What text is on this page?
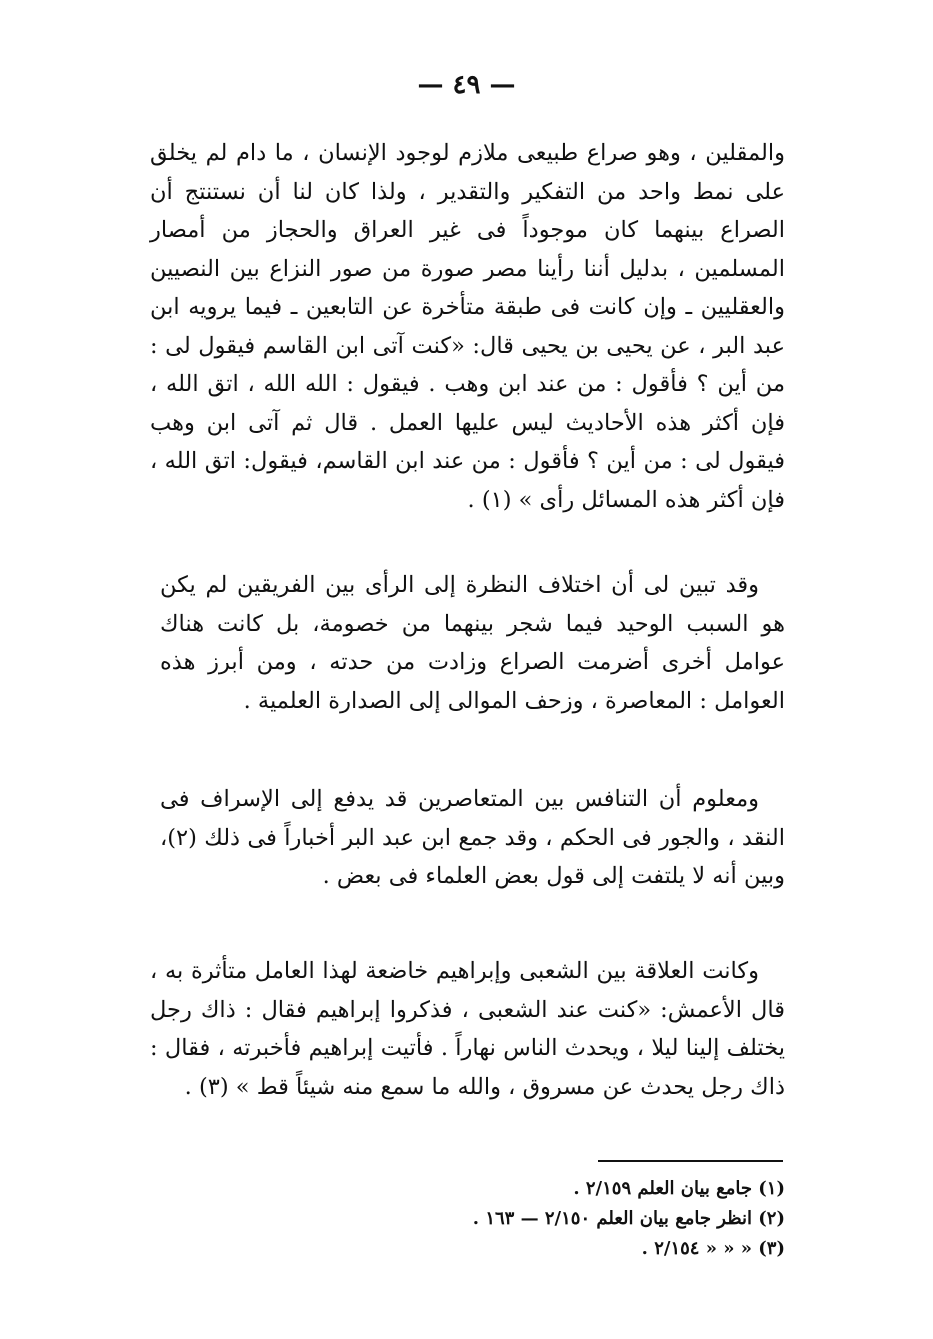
— ٤٩ —

والمقلين ، وهو صراع طبيعى ملازم لوجود الإنسان ، ما دام لم يخلق على نمط واحد من التفكير والتقدير ، ولذا كان لنا أن نستنتج أن الصراع بينهما كان موجوداً فى غير العراق والحجاز من أمصار المسلمين ، بدليل أننا رأينا مصر صورة من صور النزاع بين النصيين والعقليين ـ وإن كانت فى طبقة متأخرة عن التابعين ـ فيما يرويه ابن عبد البر ، عن يحيى بن يحيى قال: «كنت آتى ابن القاسم فيقول لى : من أين ؟ فأقول : من عند ابن وهب . فيقول : الله الله ، اتق الله ، فإن أكثر هذه الأحاديث ليس عليها العمل . قال ثم آتى ابن وهب فيقول لى : من أين ؟ فأقول : من عند ابن القاسم، فيقول: اتق الله ، فإن أكثر هذه المسائل رأى » (١) .

وقد تبين لى أن اختلاف النظرة إلى الرأى بين الفريقين لم يكن هو السبب الوحيد فيما شجر بينهما من خصومة، بل كانت هناك عوامل أخرى أضرمت الصراع وزادت من حدته ، ومن أبرز هذه العوامل : المعاصرة ، وزحف الموالى إلى الصدارة العلمية .

ومعلوم أن التنافس بين المتعاصرين قد يدفع إلى الإسراف فى النقد ، والجور فى الحكم ، وقد جمع ابن عبد البر أخباراً فى ذلك (٢)، وبين أنه لا يلتفت إلى قول بعض العلماء فى بعض .

وكانت العلاقة بين الشعبى وإبراهيم خاضعة لهذا العامل متأثرة به ، قال الأعمش: «كنت عند الشعبى ، فذكروا إبراهيم فقال : ذاك رجل يختلف إلينا ليلا ، ويحدث الناس نهاراً . فأتيت إبراهيم فأخبرته ، فقال : ذاك رجل يحدث عن مسروق ، والله ما سمع منه شيئاً قط » (٣) .

(١) جامع بيان العلم ٢/١٥٩ .
(٢) انظر جامع بيان العلم ٢/١٥٠ — ١٦٣ .
(٣) « « « ٢/١٥٤ .
